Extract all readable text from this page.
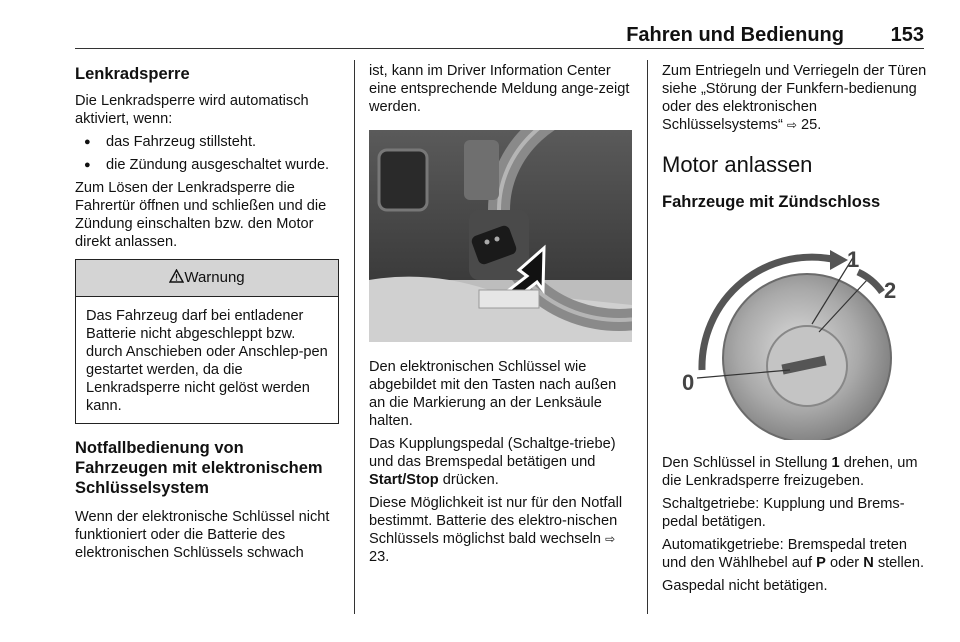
Fahren und Bedienung 153
Lenkradsperre

Die Lenkradsperre wird automatisch aktiviert, wenn:

● das Fahrzeug stillsteht.
● die Zündung ausgeschaltet wurde.

Zum Lösen der Lenkradsperre die Fahrertür öffnen und schließen und die Zündung einschalten bzw. den Motor direkt anlassen.

Warnung

Das Fahrzeug darf bei entladener Batterie nicht abgeschleppt bzw. durch Anschieben oder Anschlep-pen gestartet werden, da die Lenkradsperre nicht gelöst werden kann.

Notfallbedienung von Fahrzeugen mit elektronischem Schlüsselsystem

Wenn der elektronische Schlüssel nicht funktioniert oder die Batterie des elektronischen Schlüssels schwach

ist, kann im Driver Information Center eine entsprechende Meldung ange-zeigt werden.

Den elektronischen Schlüssel wie abgebildet mit den Tasten nach außen an die Markierung an der Lenksäule halten.

Das Kupplungspedal (Schaltge-triebe) und das Bremspedal betätigen und Start/Stop drücken.

Diese Möglichkeit ist nur für den Notfall bestimmt. Batterie des elektro-nischen Schlüssels möglichst bald wechseln ⇨ 23.

Zum Entriegeln und Verriegeln der Türen siehe „Störung der Funkfern-bedienung oder des elektronischen Schlüsselsystems“ ⇨ 25.

Motor anlassen
Fahrzeuge mit Zündschloss
1
2
0

Den Schlüssel in Stellung 1 drehen, um die Lenkradsperre freizugeben.

Schaltgetriebe: Kupplung und Brems-pedal betätigen.

Automatikgetriebe: Bremspedal treten und den Wählhebel auf P oder N stellen.

Gaspedal nicht betätigen.
